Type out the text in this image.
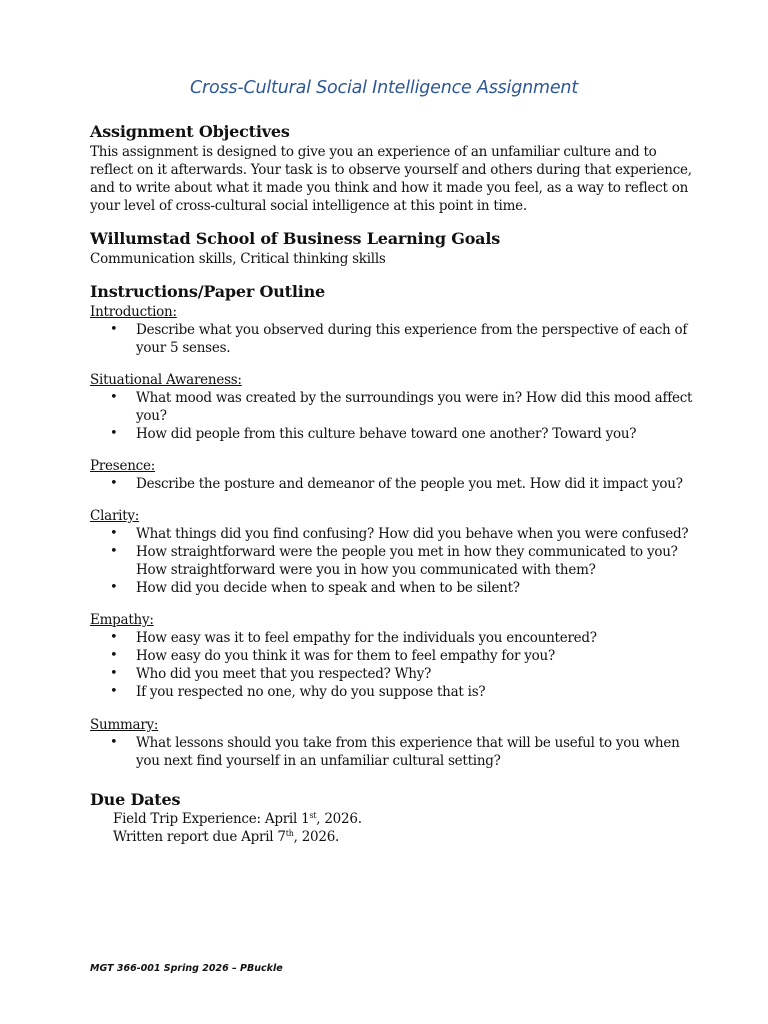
Cross-Cultural Social Intelligence Assignment
Assignment Objectives
This assignment is designed to give you an experience of an unfamiliar culture and to
reflect on it afterwards. Your task is to observe yourself and others during that experience,
and to write about what it made you think and how it made you feel, as a way to reflect on
your level of cross-cultural social intelligence at this point in time.
Willumstad School of Business Learning Goals
Communication skills, Critical thinking skills
Instructions/Paper Outline
Introduction:
• Describe what you observed during this experience from the perspective of each of your 5 senses.
Situational Awareness:
• What mood was created by the surroundings you were in? How did this mood affect you?
• How did people from this culture behave toward one another? Toward you?
Presence:
• Describe the posture and demeanor of the people you met. How did it impact you?
Clarity:
• What things did you find confusing? How did you behave when you were confused?
• How straightforward were the people you met in how they communicated to you? How straightforward were you in how you communicated with them?
• How did you decide when to speak and when to be silent?
Empathy:
• How easy was it to feel empathy for the individuals you encountered?
• How easy do you think it was for them to feel empathy for you?
• Who did you meet that you respected? Why?
• If you respected no one, why do you suppose that is?
Summary:
• What lessons should you take from this experience that will be useful to you when you next find yourself in an unfamiliar cultural setting?
Due Dates
Field Trip Experience: April 1st, 2026.
Written report due April 7th, 2026.
MGT 366-001 Spring 2026 – PBuckle
